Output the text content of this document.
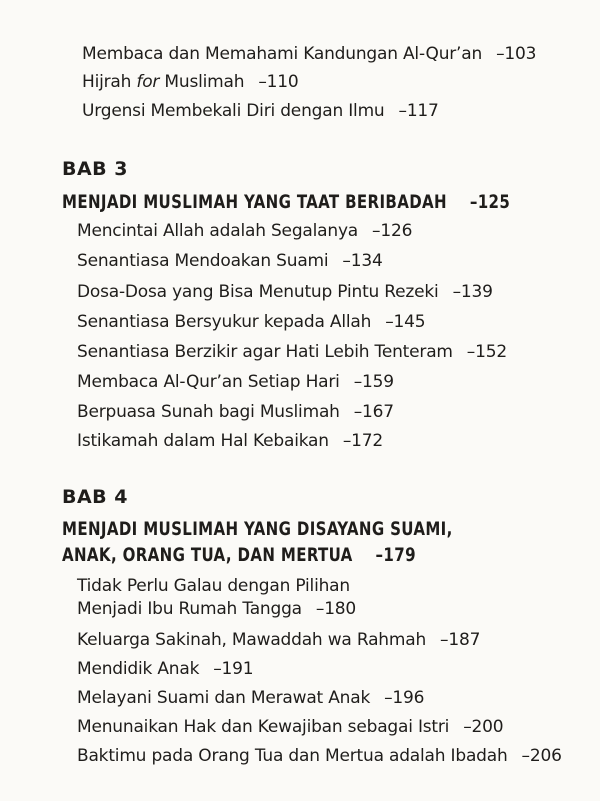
Membaca dan Memahami Kandungan Al-Qur’an –103
Hijrah for Muslimah –110
Urgensi Membekali Diri dengan Ilmu –117
BAB 3
MENJADI MUSLIMAH YANG TAAT BERIBADAH –125
Mencintai Allah adalah Segalanya –126
Senantiasa Mendoakan Suami –134
Dosa-Dosa yang Bisa Menutup Pintu Rezeki –139
Senantiasa Bersyukur kepada Allah –145
Senantiasa Berzikir agar Hati Lebih Tenteram –152
Membaca Al-Qur’an Setiap Hari –159
Berpuasa Sunah bagi Muslimah –167
Istikamah dalam Hal Kebaikan –172
BAB 4
MENJADI MUSLIMAH YANG DISAYANG SUAMI,
ANAK, ORANG TUA, DAN MERTUA –179
Tidak Perlu Galau dengan Pilihan
Menjadi Ibu Rumah Tangga –180
Keluarga Sakinah, Mawaddah wa Rahmah –187
Mendidik Anak –191
Melayani Suami dan Merawat Anak –196
Menunaikan Hak dan Kewajiban sebagai Istri –200
Baktimu pada Orang Tua dan Mertua adalah Ibadah –206
